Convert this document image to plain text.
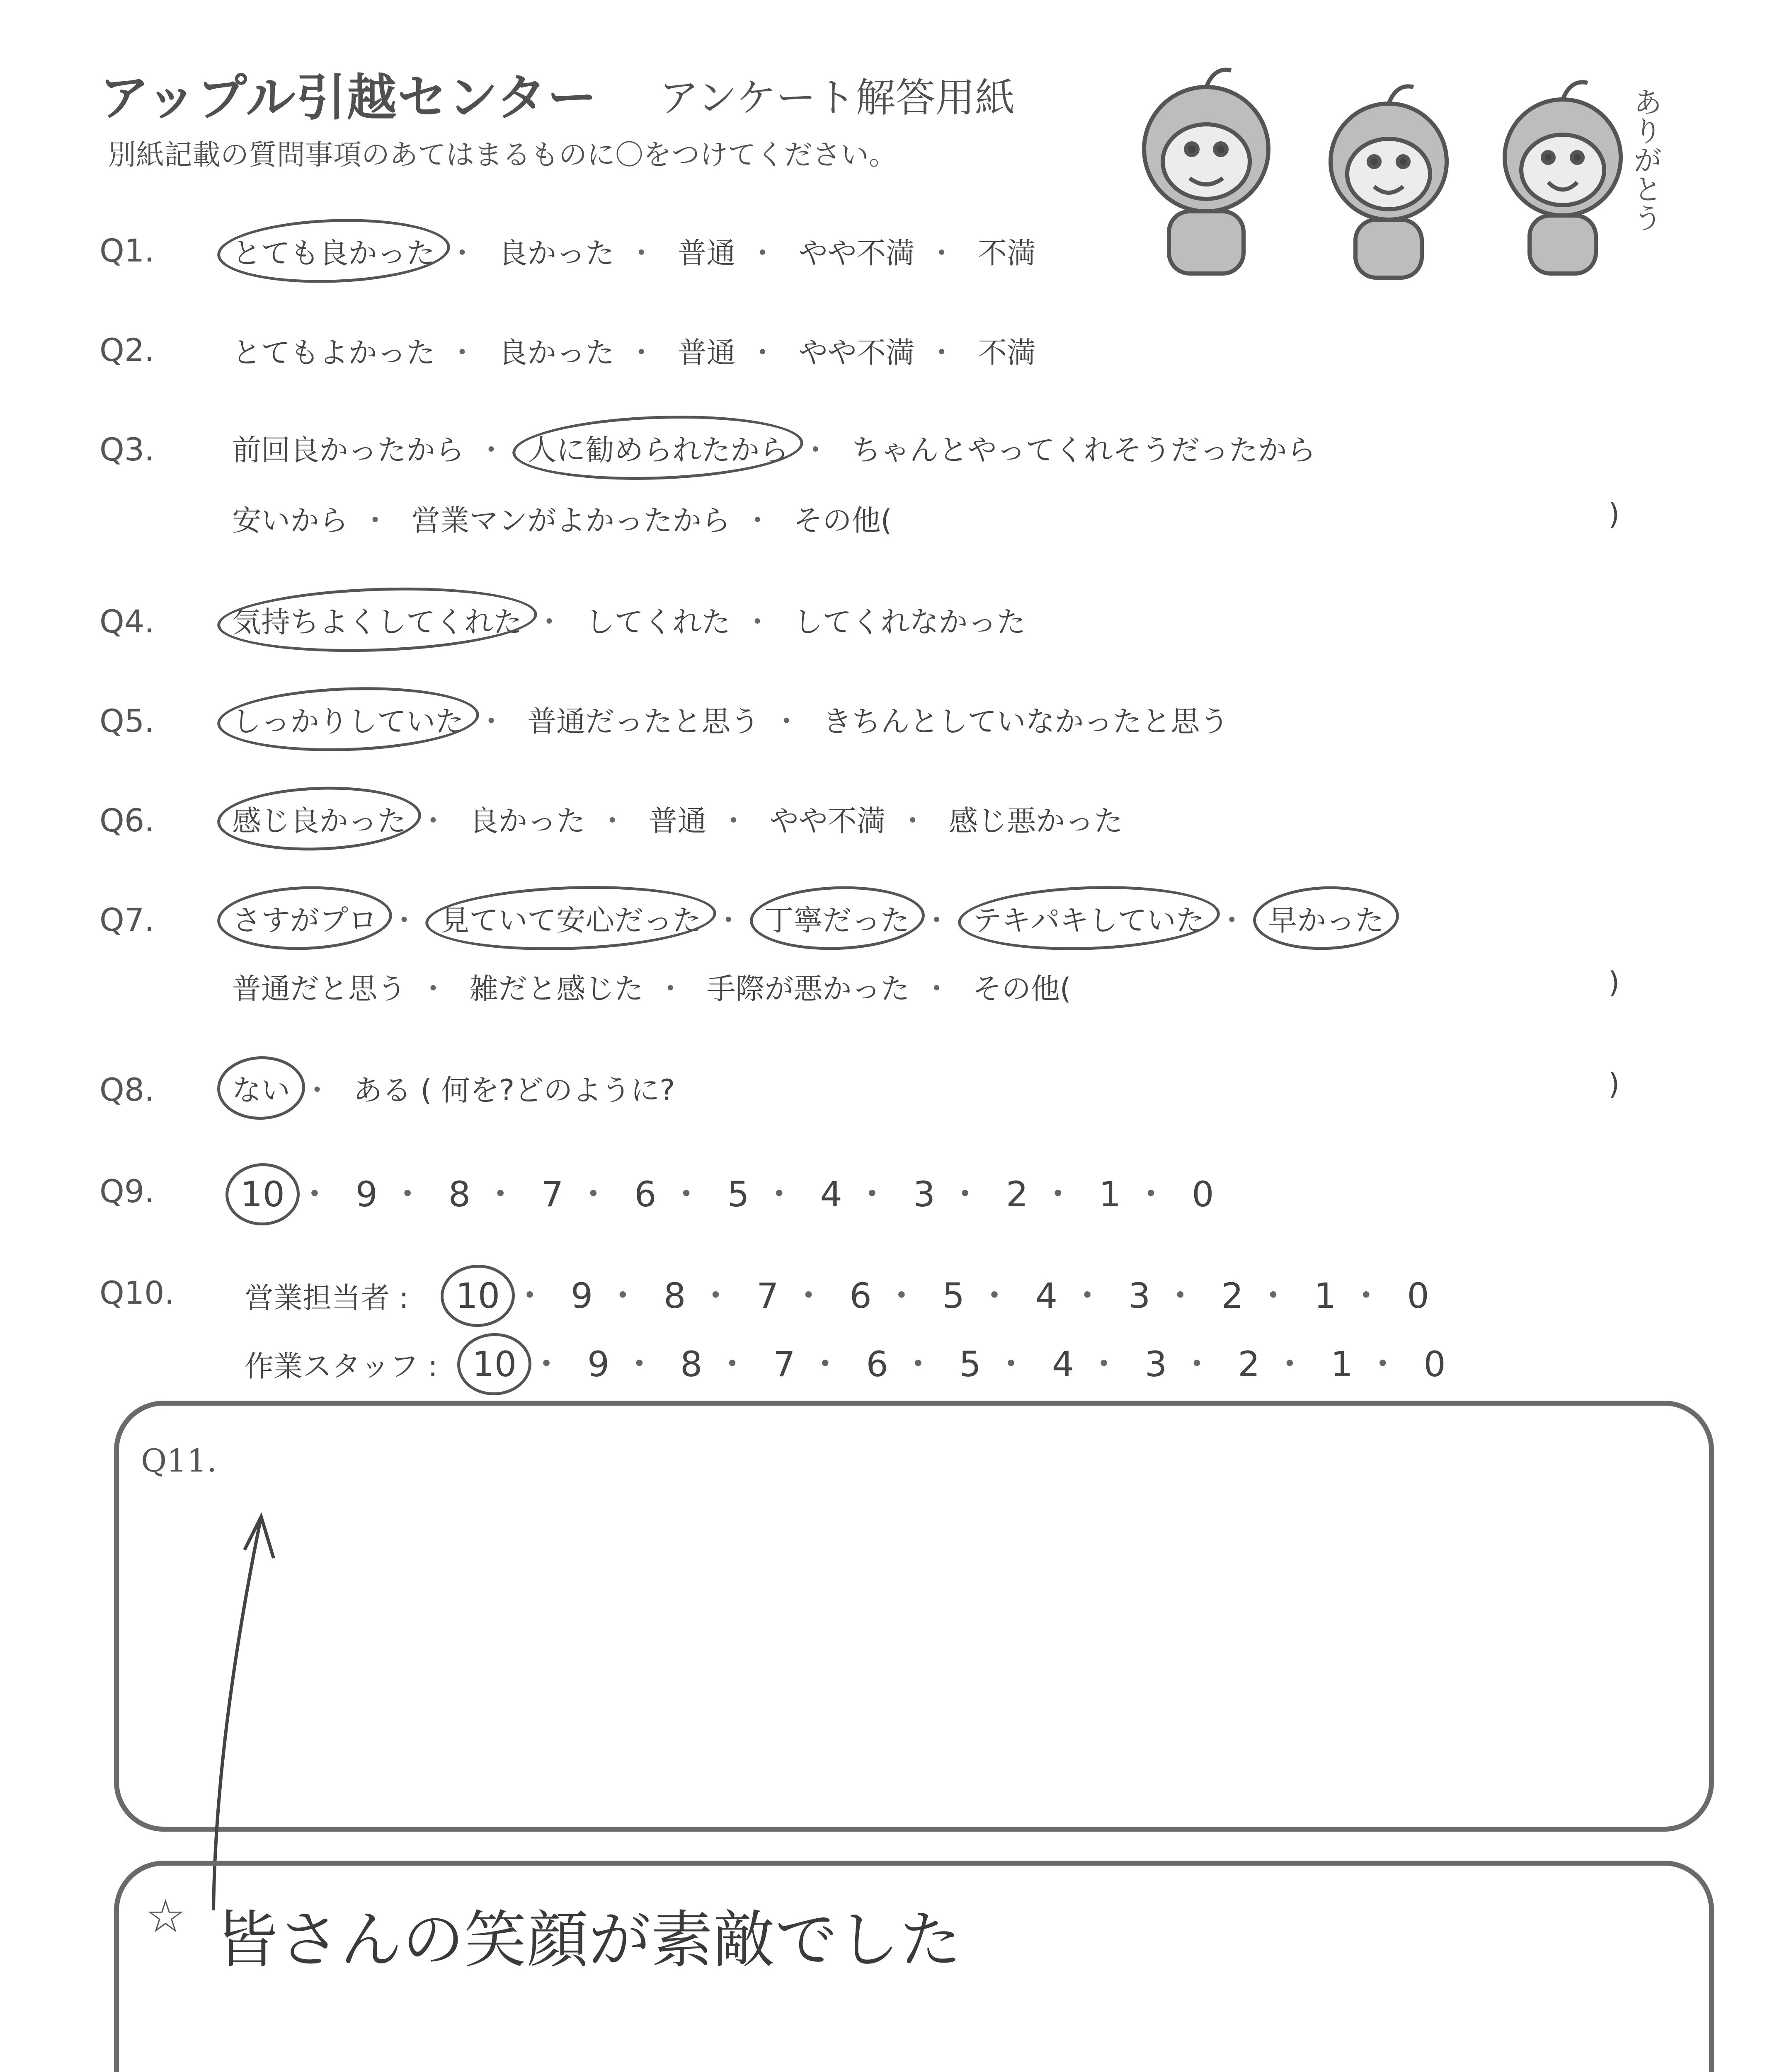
アップル引越センター アンケート解答用紙
別紙記載の質問事項のあてはまるものに〇をつけてください。	ありがとう
Q1.	とても良かった ・ 良かった ・ 普通 ・ やや不満 ・ 不満
Q2.	とてもよかった ・ 良かった ・ 普通 ・ やや不満 ・ 不満
Q3.	前回良かったから ・ 人に勧められたから ・ ちゃんとやってくれそうだったから
安いから ・ 営業マンがよかったから ・ その他(	)
Q4.	気持ちよくしてくれた ・ してくれた ・ してくれなかった
Q5.	しっかりしていた ・ 普通だったと思う ・ きちんとしていなかったと思う
Q6.	感じ良かった ・ 良かった ・ 普通 ・ やや不満 ・ 感じ悪かった
Q7.	さすがプロ ・ 見ていて安心だった ・ 丁寧だった ・ テキパキしていた ・ 早かった
普通だと思う ・ 雑だと感じた ・ 手際が悪かった ・ その他(	)
Q8.	ない ・ ある ( 何を?どのように?	)
Q9. 10 ・ 9 ・ 8 ・ 7 ・ 6 ・ 5 ・ 4 ・ 3 ・ 2 ・ 1 ・ 0
Q10. 営業担当者 : 10 ・ 9 ・ 8 ・ 7 ・ 6 ・ 5 ・ 4 ・ 3 ・ 2 ・ 1 ・ 0
作業スタッフ : 10 ・ 9 ・ 8 ・ 7 ・ 6 ・ 5 ・ 4 ・ 3 ・ 2 ・ 1 ・ 0
Q11.
☆ 皆さんの笑顔が素敵でした
